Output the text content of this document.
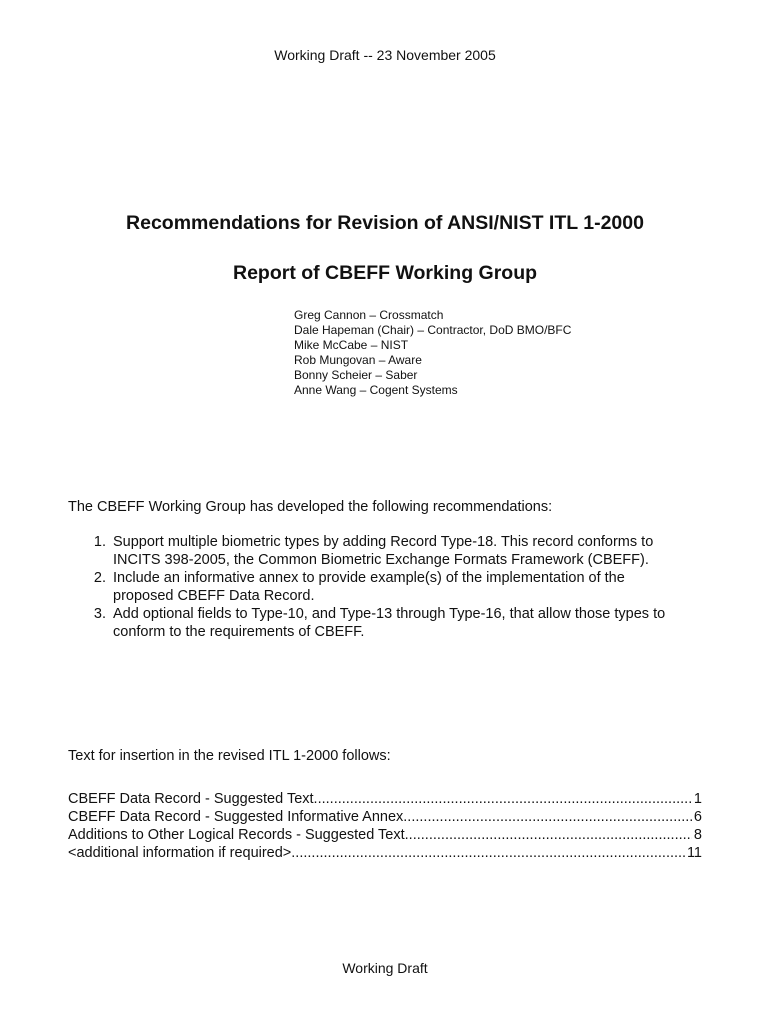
Working Draft -- 23 November 2005
Recommendations for Revision of ANSI/NIST ITL 1-2000
Report of CBEFF Working Group
Greg Cannon – Crossmatch
Dale Hapeman (Chair) – Contractor, DoD BMO/BFC
Mike McCabe – NIST
Rob Mungovan – Aware
Bonny Scheier – Saber
Anne Wang – Cogent Systems
The CBEFF Working Group has developed the following recommendations:
1. Support multiple biometric types by adding Record Type-18. This record conforms to
INCITS 398-2005, the Common Biometric Exchange Formats Framework (CBEFF).
2. Include an informative annex to provide example(s) of the implementation of the
proposed CBEFF Data Record.
3. Add optional fields to Type-10, and Type-13 through Type-16, that allow those types to
conform to the requirements of CBEFF.
Text for insertion in the revised ITL 1-2000 follows:
CBEFF Data Record - Suggested Text .....	1
CBEFF Data Record - Suggested Informative Annex .....	6
Additions to Other Logical Records - Suggested Text .....	8
<additional information if required> .....	11
Working Draft
